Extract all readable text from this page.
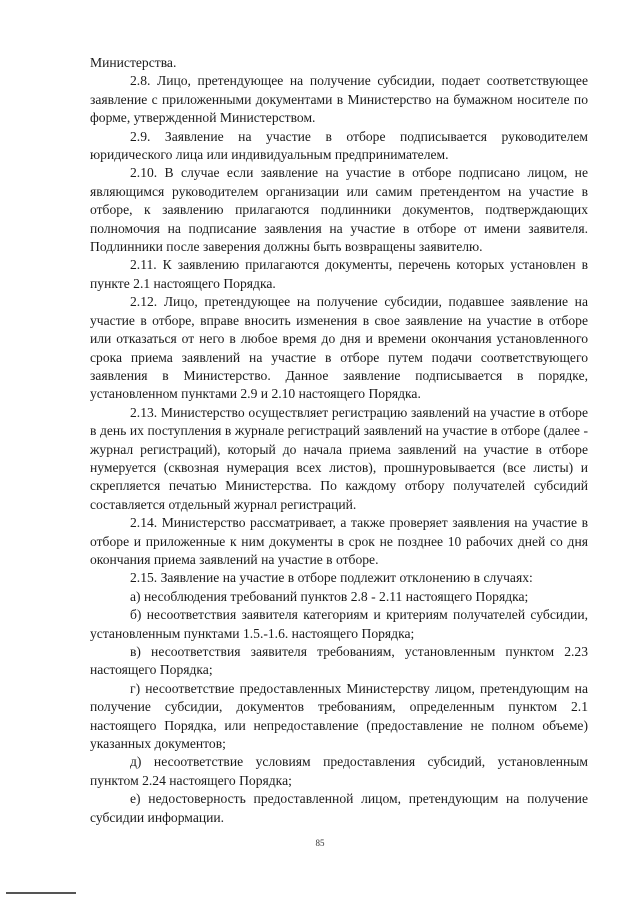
Министерства.

2.8. Лицо, претендующее на получение субсидии, подает соответствующее заявление с приложенными документами в Министерство на бумажном носителе по форме, утвержденной Министерством.

2.9. Заявление на участие в отборе подписывается руководителем юридического лица или индивидуальным предпринимателем.

2.10. В случае если заявление на участие в отборе подписано лицом, не являющимся руководителем организации или самим претендентом на участие в отборе, к заявлению прилагаются подлинники документов, подтверждающих полномочия на подписание заявления на участие в отборе от имени заявителя. Подлинники после заверения должны быть возвращены заявителю.

2.11. К заявлению прилагаются документы, перечень которых установлен в пункте 2.1 настоящего Порядка.

2.12. Лицо, претендующее на получение субсидии, подавшее заявление на участие в отборе, вправе вносить изменения в свое заявление на участие в отборе или отказаться от него в любое время до дня и времени окончания установленного срока приема заявлений на участие в отборе путем подачи соответствующего заявления в Министерство. Данное заявление подписывается в порядке, установленном пунктами 2.9 и 2.10 настоящего Порядка.

2.13. Министерство осуществляет регистрацию заявлений на участие в отборе в день их поступления в журнале регистраций заявлений на участие в отборе (далее - журнал регистраций), который до начала приема заявлений на участие в отборе нумеруется (сквозная нумерация всех листов), прошнуровывается (все листы) и скрепляется печатью Министерства. По каждому отбору получателей субсидий составляется отдельный журнал регистраций.

2.14. Министерство рассматривает, а также проверяет заявления на участие в отборе и приложенные к ним документы в срок не позднее 10 рабочих дней со дня окончания приема заявлений на участие в отборе.

2.15. Заявление на участие в отборе подлежит отклонению в случаях:

а) несоблюдения требований пунктов 2.8 - 2.11 настоящего Порядка;

б) несоответствия заявителя категориям и критериям получателей субсидии, установленным пунктами 1.5.-1.6. настоящего Порядка;

в) несоответствия заявителя требованиям, установленным пунктом 2.23 настоящего Порядка;

г) несоответствие предоставленных Министерству лицом, претендующим на получение субсидии, документов требованиям, определенным пунктом 2.1 настоящего Порядка, или непредоставление (предоставление не полном объеме) указанных документов;

д) несоответствие условиям предоставления субсидий, установленным пунктом 2.24 настоящего Порядка;

е) недостоверность предоставленной лицом, претендующим на получение субсидии информации.

85
